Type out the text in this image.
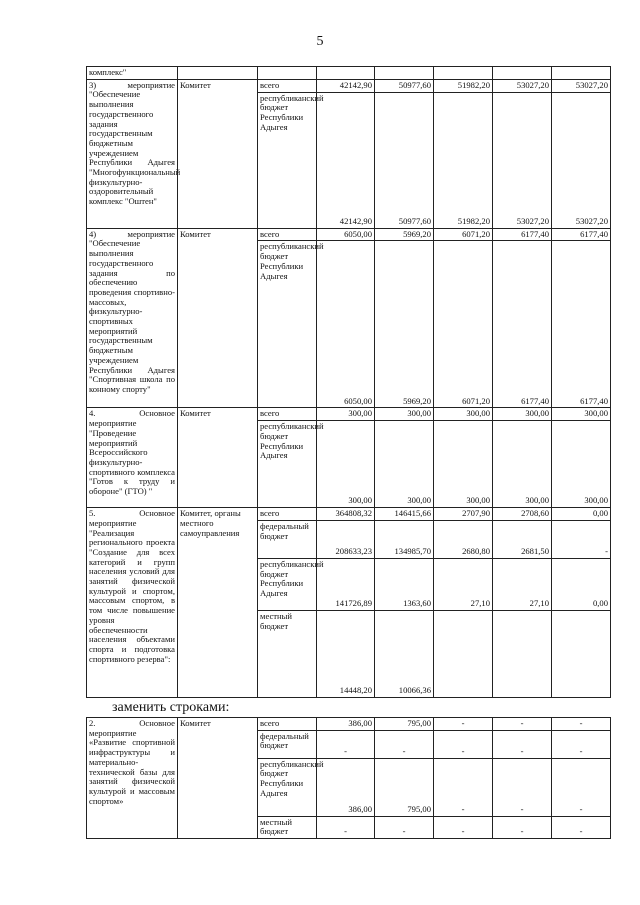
5
комплекс"							
3) мероприятие "Обеспечение выполнения государственного задания государственным бюджетным учреждением Республики Адыгея "Многофункциональный физкультурно-оздоровительный комплекс "Оштен"	Комитет	всего	42142,90	50977,60	51982,20	53027,20	53027,20
		республиканский бюджет Республики Адыгея	42142,90	50977,60	51982,20	53027,20	53027,20
4) мероприятие "Обеспечение выполнения государственного задания по обеспечению проведения спортивно-массовых, физкультурно-спортивных мероприятий государственным бюджетным учреждением Республики Адыгея "Спортивная школа по конному спорту"	Комитет	всего	6050,00	5969,20	6071,20	6177,40	6177,40
		республиканский бюджет Республики Адыгея	6050,00	5969,20	6071,20	6177,40	6177,40
4. Основное мероприятие "Проведение мероприятий Всероссийского физкультурно-спортивного комплекса "Готов к труду и обороне" (ГТО) "	Комитет	всего	300,00	300,00	300,00	300,00	300,00
		республиканский бюджет Республики Адыгея	300,00	300,00	300,00	300,00	300,00
5. Основное мероприятие "Реализация регионального проекта "Создание для всех категорий и групп населения условий для занятий физической культурой и спортом, массовым спортом, в том числе повышение уровня обеспеченности населения объектами спорта и подготовка спортивного резерва":	Комитет, органы местного самоуправления	всего	364808,32	146415,66	2707,90	2708,60	0,00
		федеральный бюджет	208633,23	134985,70	2680,80	2681,50	-
		республиканский бюджет Республики Адыгея	141726,89	1363,60	27,10	27,10	0,00
		местный бюджет	14448,20	10066,36			
заменить строками:
2. Основное мероприятие «Развитие спортивной инфраструктуры и материально-технической базы для занятий физической культурой и массовым спортом»	Комитет	всего	386,00	795,00	-	-	-
		федеральный бюджет	-	-	-	-	-
		республиканский бюджет Республики Адыгея	386,00	795,00	-	-	-
		местный бюджет	-	-	-	-	-
